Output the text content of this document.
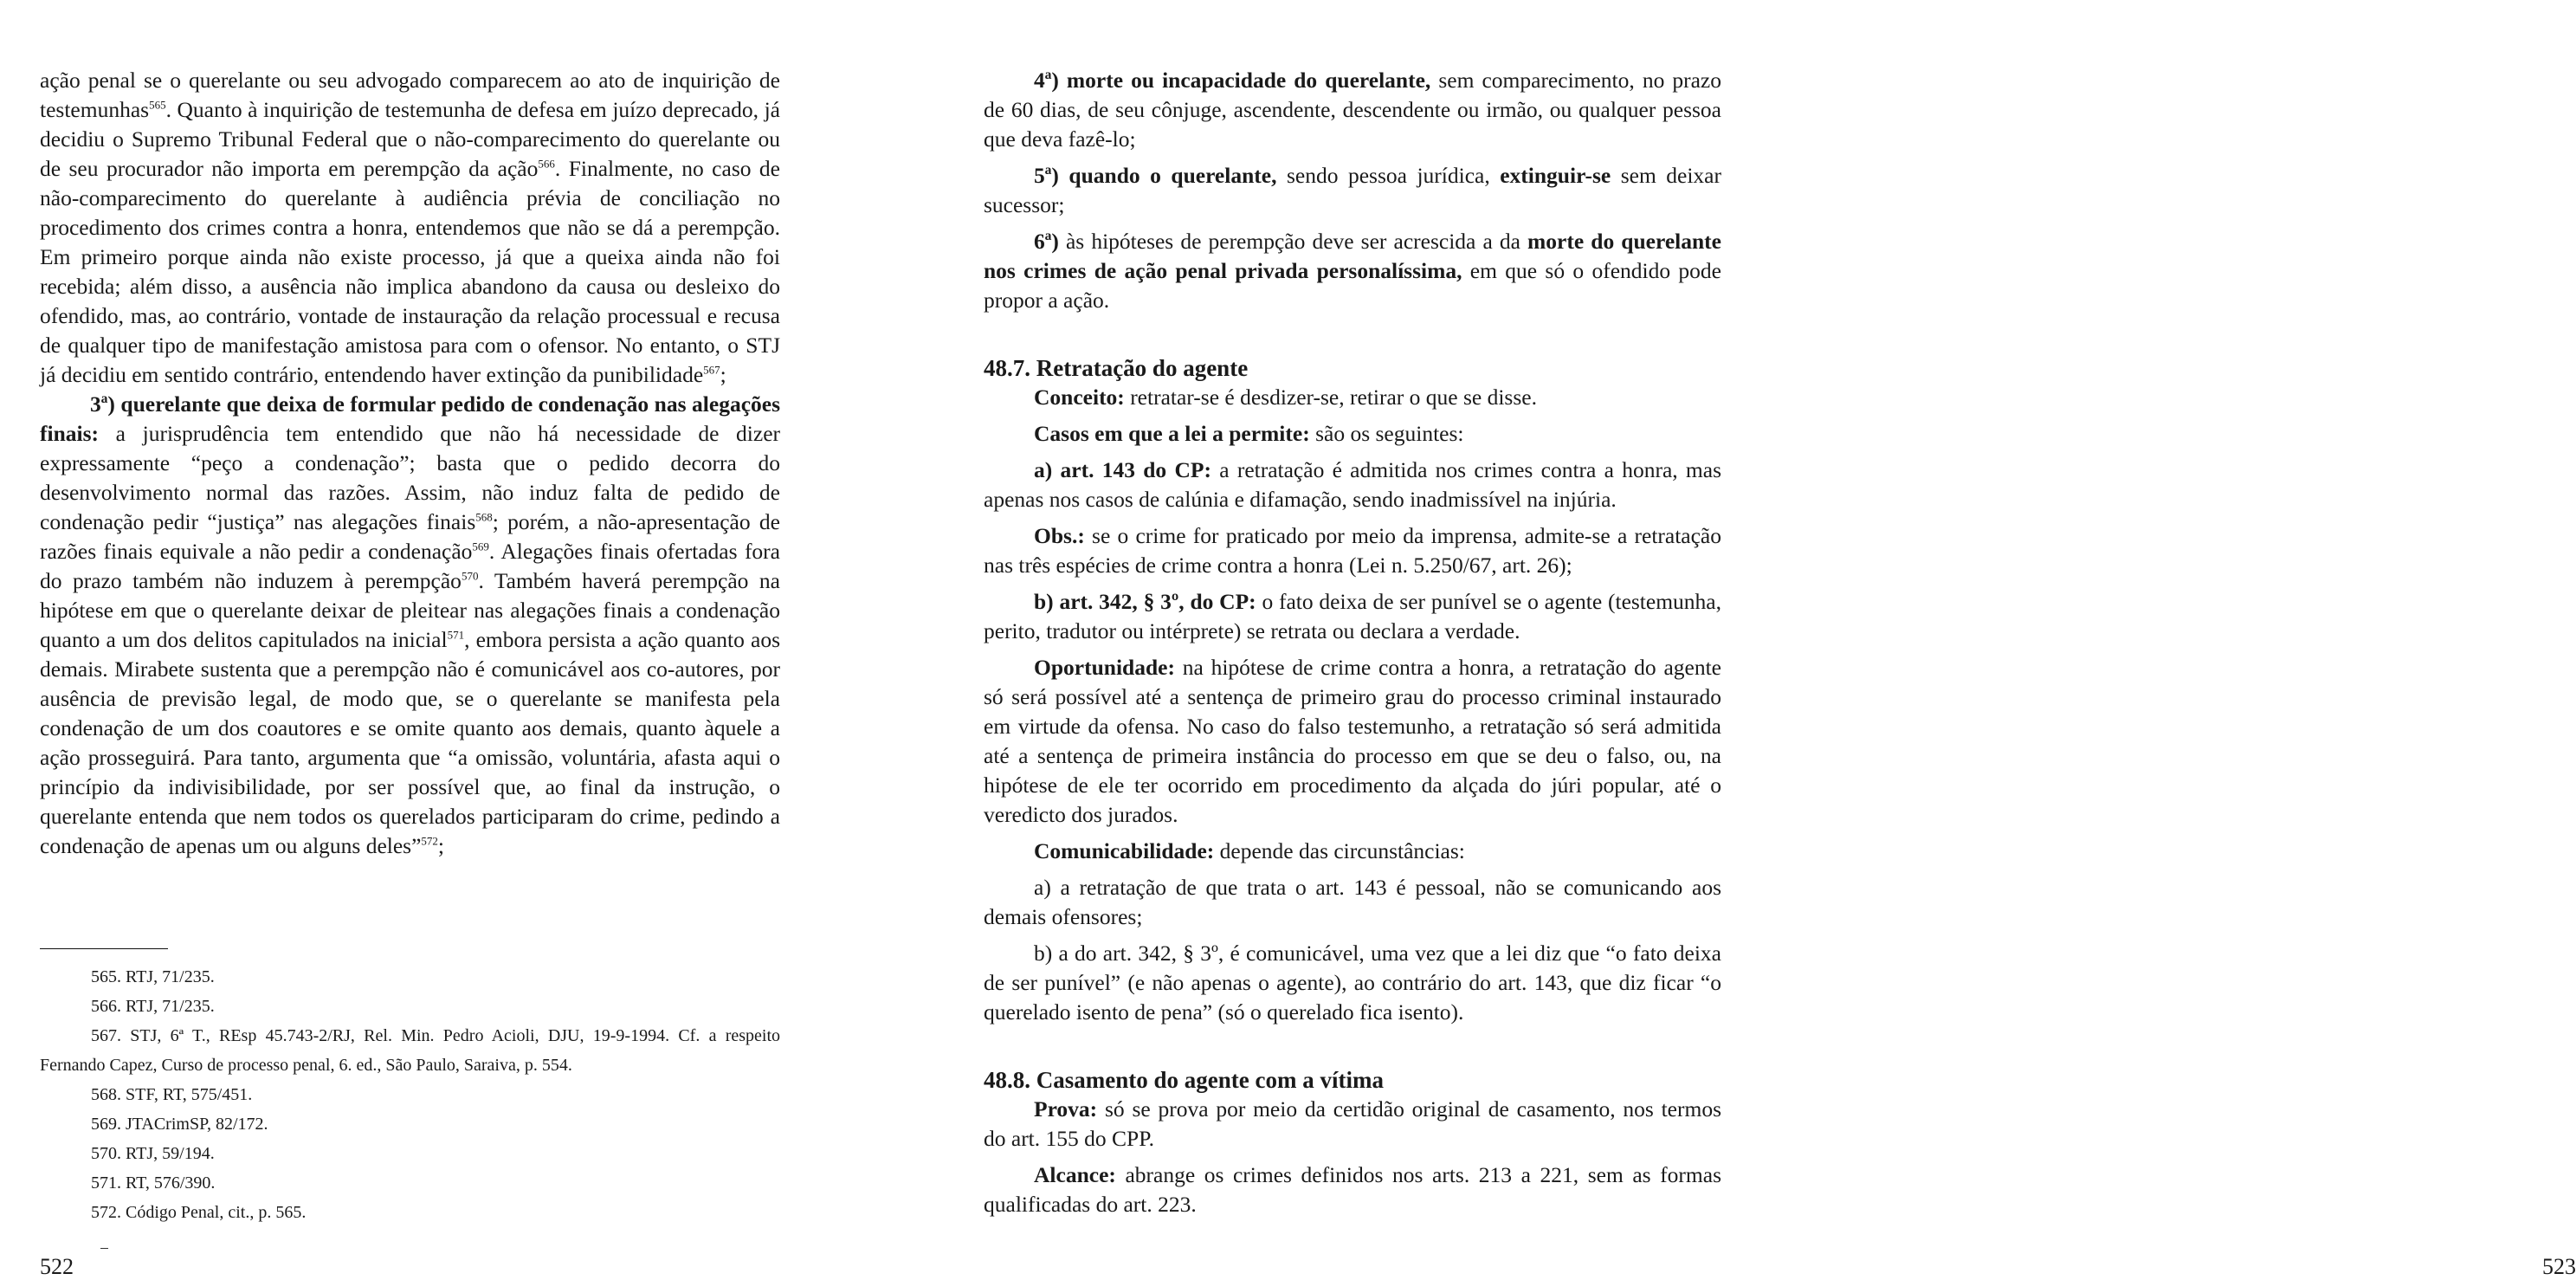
ação penal se o querelante ou seu advogado comparecem ao ato de inquirição de testemunhas$^{565}$. Quanto à inquirição de testemunha de defesa em juízo deprecado, já decidiu o Supremo Tribunal Federal que o não-comparecimento do querelante ou de seu procurador não importa em perempção da ação$^{566}$. Finalmente, no caso de não-comparecimento do querelante à audiência prévia de conciliação no procedimento dos crimes contra a honra, entendemos que não se dá a perempção. Em primeiro porque ainda não existe processo, já que a queixa ainda não foi recebida; além disso, a ausência não implica abandono da causa ou desleixo do ofendido, mas, ao contrário, vontade de instauração da relação processual e recusa de qualquer tipo de manifestação amistosa para com o ofensor. No entanto, o STJ já decidiu em sentido contrário, entendendo haver extinção da punibilidade$^{567}$;

3ª) querelante que deixa de formular pedido de condenação nas alegações finais: a jurisprudência tem entendido que não há necessidade de dizer expressamente “peço a condenação”; basta que o pedido decorra do desenvolvimento normal das razões. Assim, não induz falta de pedido de condenação pedir “justiça” nas alegações finais$^{568}$; porém, a não-apresentação de razões finais equivale a não pedir a condenação$^{569}$. Alegações finais ofertadas fora do prazo também não induzem à perempção$^{570}$. Também haverá perempção na hipótese em que o querelante deixar de pleitear nas alegações finais a condenação quanto a um dos delitos capitulados na inicial$^{571}$, embora persista a ação quanto aos demais. Mirabete sustenta que a perempção não é comunicável aos co-autores, por ausência de previsão legal, de modo que, se o querelante se manifesta pela condenação de um dos coautores e se omite quanto aos demais, quanto àquele a ação prosseguirá. Para tanto, argumenta que “a omissão, voluntária, afasta aqui o princípio da indivisibilidade, por ser possível que, ao final da instrução, o querelante entenda que nem todos os querelados participaram do crime, pedindo a condenação de apenas um ou alguns deles”$^{572}$;

565. RTJ, 71/235.

566. RTJ, 71/235.

567. STJ, 6ª T., REsp 45.743-2/RJ, Rel. Min. Pedro Acioli, DJU, 19-9-1994. Cf. a respeito Fernando Capez, Curso de processo penal, 6. ed., São Paulo, Saraiva, p. 554.

568. STF, RT, 575/451.

569. JTACrimSP, 82/172.

570. RTJ, 59/194.

571. RT, 576/390.

572. Código Penal, cit., p. 565.

522

4ª) morte ou incapacidade do querelante, sem comparecimento, no prazo de 60 dias, de seu cônjuge, ascendente, descendente ou irmão, ou qualquer pessoa que deva fazê-lo;

5ª) quando o querelante, sendo pessoa jurídica, extinguir-se sem deixar sucessor;

6ª) às hipóteses de perempção deve ser acrescida a da morte do querelante nos crimes de ação penal privada personalíssima, em que só o ofendido pode propor a ação.

48.7. Retratação do agente

Conceito: retratar-se é desdizer-se, retirar o que se disse.

Casos em que a lei a permite: são os seguintes:

a) art. 143 do CP: a retratação é admitida nos crimes contra a honra, mas apenas nos casos de calúnia e difamação, sendo inadmissível na injúria.

Obs.: se o crime for praticado por meio da imprensa, admite-se a retratação nas três espécies de crime contra a honra (Lei n. 5.250/67, art. 26);

b) art. 342, § 3º, do CP: o fato deixa de ser punível se o agente (testemunha, perito, tradutor ou intérprete) se retrata ou declara a verdade.

Oportunidade: na hipótese de crime contra a honra, a retratação do agente só será possível até a sentença de primeiro grau do processo criminal instaurado em virtude da ofensa. No caso do falso testemunho, a retratação só será admitida até a sentença de primeira instância do processo em que se deu o falso, ou, na hipótese de ele ter ocorrido em procedimento da alçada do júri popular, até o veredicto dos jurados.

Comunicabilidade: depende das circunstâncias:

a) a retratação de que trata o art. 143 é pessoal, não se comunicando aos demais ofensores;

b) a do art. 342, § 3º, é comunicável, uma vez que a lei diz que “o fato deixa de ser punível” (e não apenas o agente), ao contrário do art. 143, que diz ficar “o querelado isento de pena” (só o querelado fica isento).

48.8. Casamento do agente com a vítima

Prova: só se prova por meio da certidão original de casamento, nos termos do art. 155 do CPP.

Alcance: abrange os crimes definidos nos arts. 213 a 221, sem as formas qualificadas do art. 223.

523
